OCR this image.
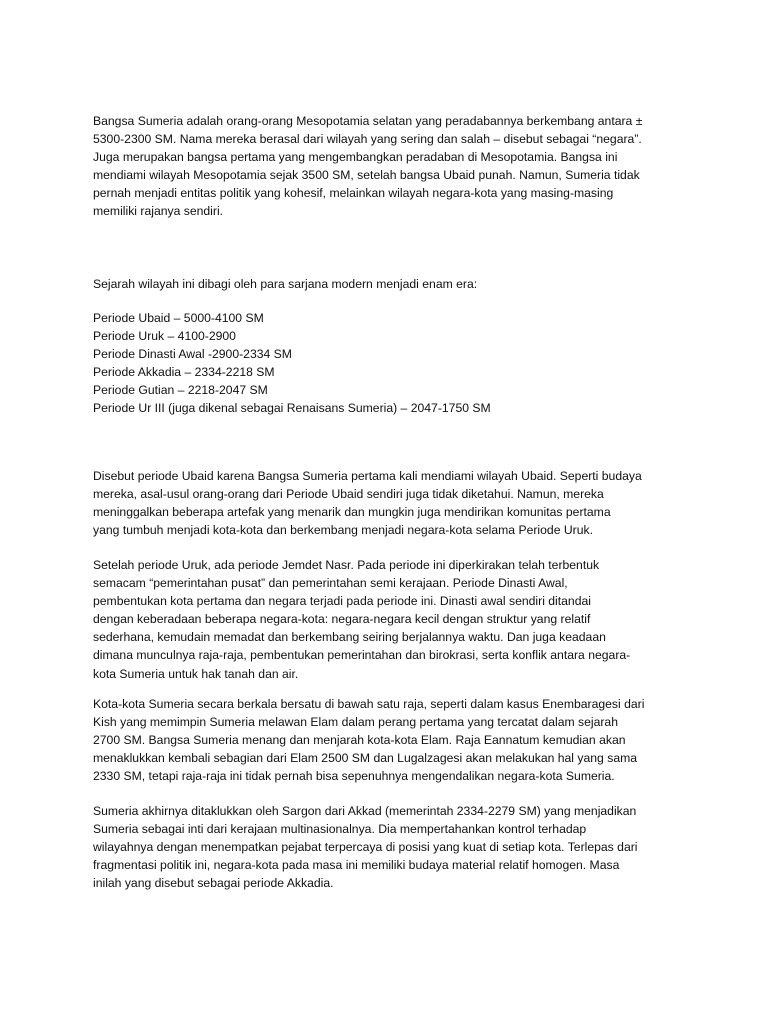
Bangsa Sumeria adalah orang-orang Mesopotamia selatan yang peradabannya berkembang antara ±
5300-2300 SM. Nama mereka berasal dari wilayah yang sering dan salah – disebut sebagai “negara”.
Juga merupakan bangsa pertama yang mengembangkan peradaban di Mesopotamia. Bangsa ini
mendiami wilayah Mesopotamia sejak 3500 SM, setelah bangsa Ubaid punah. Namun, Sumeria tidak
pernah menjadi entitas politik yang kohesif, melainkan wilayah negara-kota yang masing-masing
memiliki rajanya sendiri.

Sejarah wilayah ini dibagi oleh para sarjana modern menjadi enam era:

Periode Ubaid – 5000-4100 SM
Periode Uruk – 4100-2900
Periode Dinasti Awal -2900-2334 SM
Periode Akkadia – 2334-2218 SM
Periode Gutian – 2218-2047 SM
Periode Ur III (juga dikenal sebagai Renaisans Sumeria) – 2047-1750 SM

Disebut periode Ubaid karena Bangsa Sumeria pertama kali mendiami wilayah Ubaid. Seperti budaya
mereka, asal-usul orang-orang dari Periode Ubaid sendiri juga tidak diketahui. Namun, mereka
meninggalkan beberapa artefak yang menarik dan mungkin juga mendirikan komunitas pertama
yang tumbuh menjadi kota-kota dan berkembang menjadi negara-kota selama Periode Uruk.

Setelah periode Uruk, ada periode Jemdet Nasr. Pada periode ini diperkirakan telah terbentuk
semacam “pemerintahan pusat” dan pemerintahan semi kerajaan. Periode Dinasti Awal,
pembentukan kota pertama dan negara terjadi pada periode ini. Dinasti awal sendiri ditandai
dengan keberadaan beberapa negara-kota: negara-negara kecil dengan struktur yang relatif
sederhana, kemudain memadat dan berkembang seiring berjalannya waktu. Dan juga keadaan
dimana munculnya raja-raja, pembentukan pemerintahan dan birokrasi, serta konflik antara negara-
kota Sumeria untuk hak tanah dan air.

Kota-kota Sumeria secara berkala bersatu di bawah satu raja, seperti dalam kasus Enembaragesi dari
Kish yang memimpin Sumeria melawan Elam dalam perang pertama yang tercatat dalam sejarah
2700 SM. Bangsa Sumeria menang dan menjarah kota-kota Elam. Raja Eannatum kemudian akan
menaklukkan kembali sebagian dari Elam 2500 SM dan Lugalzagesi akan melakukan hal yang sama
2330 SM, tetapi raja-raja ini tidak pernah bisa sepenuhnya mengendalikan negara-kota Sumeria.

Sumeria akhirnya ditaklukkan oleh Sargon dari Akkad (memerintah 2334-2279 SM) yang menjadikan
Sumeria sebagai inti dari kerajaan multinasionalnya. Dia mempertahankan kontrol terhadap
wilayahnya dengan menempatkan pejabat terpercaya di posisi yang kuat di setiap kota. Terlepas dari
fragmentasi politik ini, negara-kota pada masa ini memiliki budaya material relatif homogen. Masa
inilah yang disebut sebagai periode Akkadia.
